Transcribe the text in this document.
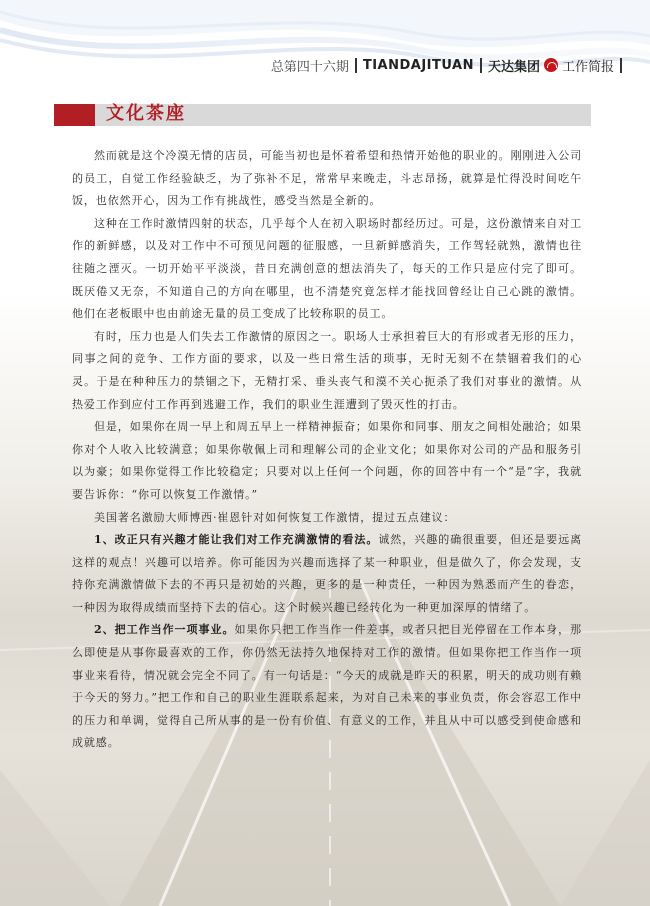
总第四十六期 TIANDAJITUAN 天达集团 工作简报
文化茶座

然而就是这个冷漠无情的店员，可能当初也是怀着希望和热情开始他的职业的。刚刚进入公司的员工，自觉工作经验缺乏，为了弥补不足，常常早来晚走，斗志昂扬，就算是忙得没时间吃午饭，也依然开心，因为工作有挑战性，感受当然是全新的。

这种在工作时激情四射的状态，几乎每个人在初入职场时都经历过。可是，这份激情来自对工作的新鲜感，以及对工作中不可预见问题的征服感，一旦新鲜感消失，工作驾轻就熟，激情也往往随之湮灭。一切开始平平淡淡，昔日充满创意的想法消失了，每天的工作只是应付完了即可。既厌倦又无奈，不知道自己的方向在哪里，也不清楚究竟怎样才能找回曾经让自己心跳的激情。他们在老板眼中也由前途无量的员工变成了比较称职的员工。

有时，压力也是人们失去工作激情的原因之一。职场人士承担着巨大的有形或者无形的压力，同事之间的竞争、工作方面的要求，以及一些日常生活的琐事，无时无刻不在禁锢着我们的心灵。于是在种种压力的禁锢之下，无精打采、垂头丧气和漠不关心扼杀了我们对事业的激情。从热爱工作到应付工作再到逃避工作，我们的职业生涯遭到了毁灭性的打击。

但是，如果你在周一早上和周五早上一样精神振奋；如果你和同事、朋友之间相处融洽；如果你对个人收入比较满意；如果你敬佩上司和理解公司的企业文化；如果你对公司的产品和服务引以为豪；如果你觉得工作比较稳定；只要对以上任何一个问题，你的回答中有一个“是”字，我就要告诉你：“你可以恢复工作激情。”

美国著名激励大师博西·崔恩针对如何恢复工作激情，提过五点建议：

1、改正只有兴趣才能让我们对工作充满激情的看法。诚然，兴趣的确很重要，但还是要远离这样的观点！兴趣可以培养。你可能因为兴趣而选择了某一种职业，但是做久了，你会发现，支持你充满激情做下去的不再只是初始的兴趣，更多的是一种责任，一种因为熟悉而产生的眷恋，一种因为取得成绩而坚持下去的信心。这个时候兴趣已经转化为一种更加深厚的情绪了。

2、把工作当作一项事业。如果你只把工作当作一件差事，或者只把目光停留在工作本身，那么即使是从事你最喜欢的工作，你仍然无法持久地保持对工作的激情。但如果你把工作当作一项事业来看待，情况就会完全不同了。有一句话是：“今天的成就是昨天的积累，明天的成功则有赖于今天的努力。”把工作和自己的职业生涯联系起来，为对自己未来的事业负责，你会容忍工作中的压力和单调，觉得自己所从事的是一份有价值、有意义的工作，并且从中可以感受到使命感和成就感。
